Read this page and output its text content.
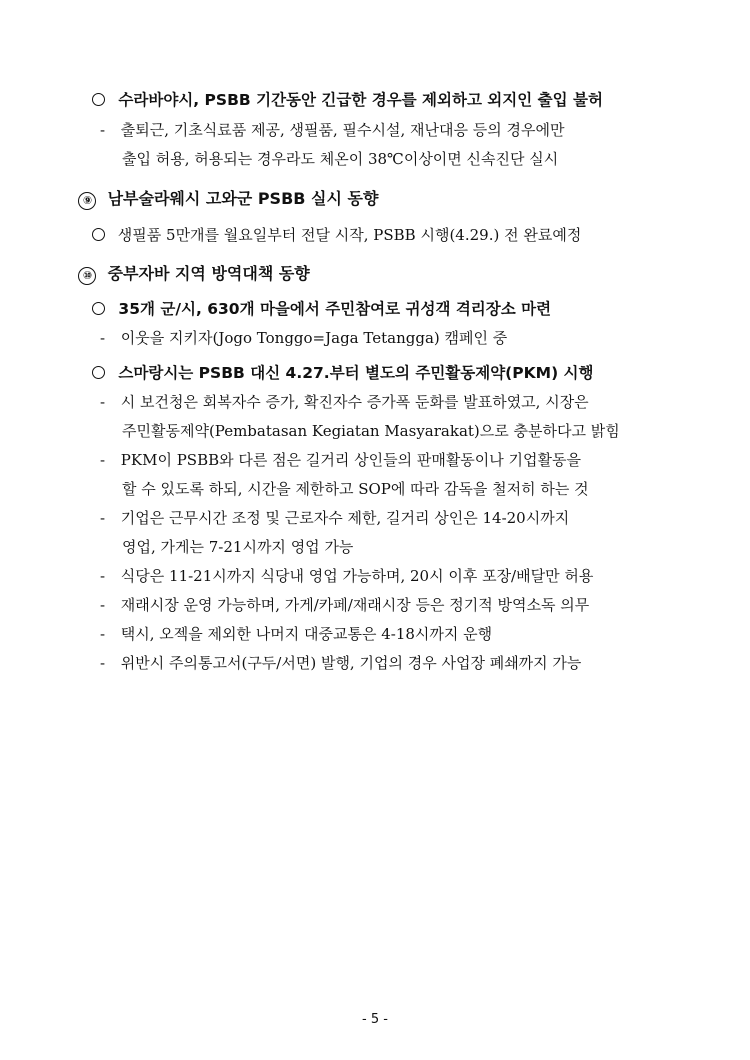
수라바야시, PSBB 기간동안 긴급한 경우를 제외하고 외지인 출입 불허
- 출퇴근, 기초식료품 제공, 생필품, 필수시설, 재난대응 등의 경우에만
출입 허용, 허용되는 경우라도 체온이 38℃이상이면 신속진단 실시
⑨ 남부술라웨시 고와군 PSBB 실시 동향
생필품 5만개를 월요일부터 전달 시작, PSBB 시행(4.29.) 전 완료예정
⑩ 중부자바 지역 방역대책 동향
35개 군/시, 630개 마을에서 주민참여로 귀성객 격리장소 마련
- 이웃을 지키자(Jogo Tonggo=Jaga Tetangga) 캠페인 중
스마랑시는 PSBB 대신 4.27.부터 별도의 주민활동제약(PKM) 시행
- 시 보건청은 회복자수 증가, 확진자수 증가폭 둔화를 발표하였고, 시장은
주민활동제약(Pembatasan Kegiatan Masyarakat)으로 충분하다고 밝힘
- PKM이 PSBB와 다른 점은 길거리 상인들의 판매활동이나 기업활동을
할 수 있도록 하되, 시간을 제한하고 SOP에 따라 감독을 철저히 하는 것
- 기업은 근무시간 조정 및 근로자수 제한, 길거리 상인은 14-20시까지
영업, 가게는 7-21시까지 영업 가능
- 식당은 11-21시까지 식당내 영업 가능하며, 20시 이후 포장/배달만 허용
- 재래시장 운영 가능하며, 가게/카페/재래시장 등은 정기적 방역소독 의무
- 택시, 오젝을 제외한 나머지 대중교통은 4-18시까지 운행
- 위반시 주의통고서(구두/서면) 발행, 기업의 경우 사업장 폐쇄까지 가능
- 5 -
